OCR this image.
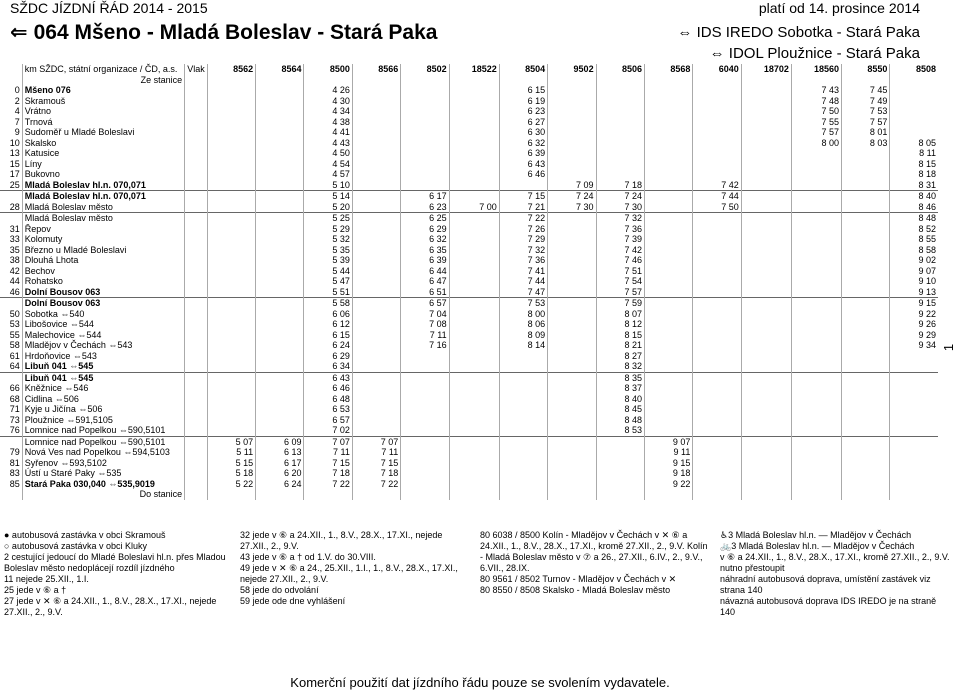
SŽDC JÍZDNÍ ŘÁD 2014 - 2015	platí od 14. prosince 2014
⇐ 064 Mšeno - Mladá Boleslav - Stará Paka	⇔ IDS IREDO Sobotka - Stará Paka
⇔ IDOL Ploužnice - Stará Paka
	km SŽDC, státní organizace / ČD, a.s.	Vlak	8562	8564	8500	8566	8502	18522	8504	9502	8506	8568	6040	18702	18560	8550	8508
	Ze stanice																
0	Mšeno 076				4 26				6 15						7 43	7 45	
2	Skramouš				4 30				6 19						7 48	7 49	
4	Vrátno				4 34				6 23						7 50	7 53	
7	Trnová				4 38				6 27						7 55	7 57	
9	Sudoměř u Mladé Boleslavi				4 41				6 30						7 57	8 01	
10	Skalsko				4 43				6 32						8 00	8 03	8 05
13	Katusice				4 50				6 39								8 11
15	Líny				4 54				6 43								8 15
17	Bukovno				4 57				6 46								8 18
25	Mladá Boleslav hl.n. 070,071				5 10					7 09	7 18		7 42				8 31
	Mladá Boleslav hl.n. 070,071				5 14		6 17		7 15	7 24	7 24		7 44				8 40
28	Mladá Boleslav město				5 20		6 23	7 00	7 21	7 30	7 30		7 50				8 46
	Mladá Boleslav město				5 25		6 25		7 22		7 32						8 48
31	Řepov				5 29		6 29		7 26		7 36						8 52
33	Kolomuty				5 32		6 32		7 29		7 39						8 55
35	Březno u Mladé Boleslavi				5 35		6 35		7 32		7 42						8 58
38	Dlouhá Lhota				5 39		6 39		7 36		7 46						9 02
42	Bechov				5 44		6 44		7 41		7 51						9 07
44	Rohatsko				5 47		6 47		7 44		7 54						9 10
46	Dolní Bousov 063				5 51		6 51		7 47		7 57						9 13
	Dolní Bousov 063				5 58		6 57		7 53		7 59						9 15
50	Sobotka ⇔540				6 06		7 04		8 00		8 07						9 22
53	Libošovice ⇔544				6 12		7 08		8 06		8 12						9 26
55	Malechovice ⇔544				6 15		7 11		8 09		8 15						9 29
58	Mladějov v Čechách ⇔543				6 24		7 16		8 14		8 21						9 34
61	Hrdoňovice ⇔543				6 29						8 27						
64	Libuň 041 ⇔545				6 34						8 32						
	Libuň 041 ⇔545				6 43						8 35						
66	Kněžnice ⇔546				6 46						8 37						
68	Cidlina ⇔506				6 48						8 40						
71	Kyje u Jičína ⇔506				6 53						8 45						
73	Ploužnice ⇔591,5105				6 57						8 48						
76	Lomnice nad Popelkou ⇔590,5101				7 02						8 53						
	Lomnice nad Popelkou ⇔590,5101		5 07	6 09	7 07	7 07						9 07					
79	Nová Ves nad Popelkou ⇔594,5103		5 11	6 13	7 11	7 11						9 11					
81	Syřenov ⇔593,5102		5 15	6 17	7 15	7 15						9 15					
83	Ústí u Staré Paky ⇔535		5 18	6 20	7 18	7 18						9 18					
85	Stará Paka 030,040 ⇔535,9019		5 22	6 24	7 22	7 22						9 22					
	Do stanice																
● autobusová zastávka v obci Skramouš
○ autobusová zastávka v obci Kluky
2 cestující jedoucí do Mladé Boleslavi hl.n. přes Mladou Boleslav město nedoplácejí rozdíl jízdného
11 nejede 25.XII., 1.I.
25 jede v ⑥ a †
27 jede v ✕ ⑥ a 24.XII., 1., 8.V., 28.X., 17.XI., nejede 27.XII., 2., 9.V.
32 jede v ⑥ a 24.XII., 1., 8.V., 28.X., 17.XI., nejede 27.XII., 2., 9.V.
43 jede v ⑥ a † od 1.V. do 30.VIII.
49 jede v ✕ ⑥ a 24., 25.XII., 1.I., 1., 8.V., 28.X., 17.XI., nejede 27.XII., 2., 9.V.
58 jede do odvolání
59 jede ode dne vyhlášení
80 6038 / 8500 Kolín - Mladějov v Čechách v ✕ ⑥ a 24.XII., 1., 8.V., 28.X., 17.XI., kromě 27.XII., 2., 9.V. Kolín - Mladá Boleslav město v ⑦ a 26., 27.XII., 6.IV., 2., 9.V., 6.VII., 28.IX.
80 9561 / 8502 Turnov - Mladějov v Čechách v ✕
80 8550 / 8508 Skalsko - Mladá Boleslav město
♿3 Mladá Boleslav hl.n. — Mladějov v Čechách
🚲3 Mladá Boleslav hl.n. — Mladějov v Čechách
v ⑥ a 24.XII., 1., 8.V., 28.X., 17.XI., kromě 27.XII., 2., 9.V. nutno přestoupit
náhradní autobusová doprava, umístění zastávek viz strana 140
návazná autobusová doprava IDS IREDO je na straně 140
1
Komerční použití dat jízdního řádu pouze se svolením vydavatele.
